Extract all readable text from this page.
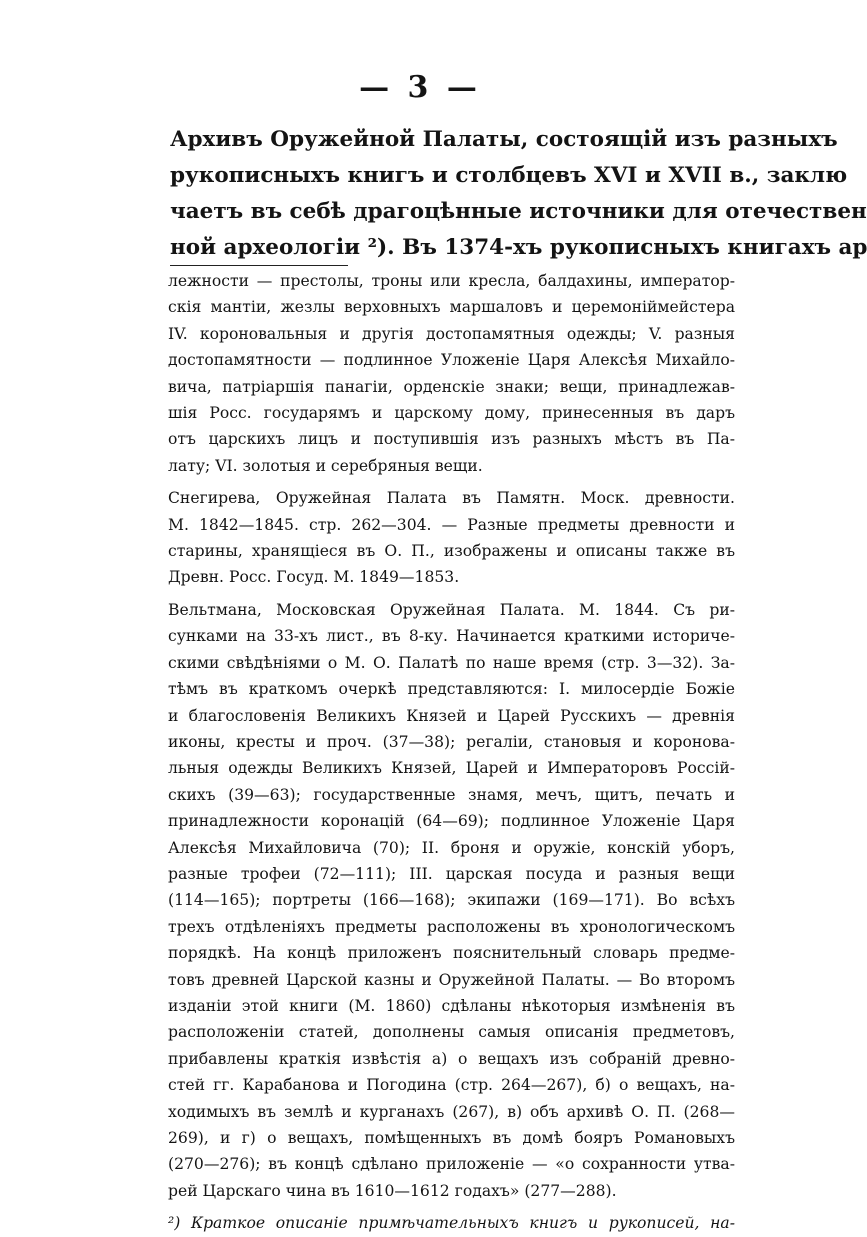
— 3 —
Архивъ Оружейной Палаты, состоящій изъ разныхъ
рукописныхъ книгъ и столбцевъ XVI и XVII в., заклю
чаетъ въ себѣ драгоцѣнные источники для отечествен
ной археологіи ²). Въ 1374-хъ рукописныхъ книгахъ ар
лежности — престолы, троны или кресла, балдахины, император-
скія мантіи, жезлы верховныхъ маршаловъ и церемоніймейстера
IV. короновальныя и другія достопамятныя одежды; V. разныя
достопамятности — подлинное Уложеніе Царя Алексѣя Михайло-
вича, патріаршія панагіи, орденскіе знаки; вещи, принадлежав-
шія Росс. государямъ и царскому дому, принесенныя въ даръ
отъ царскихъ лицъ и поступившія изъ разныхъ мѣстъ въ Па-
лату; VI. золотыя и серебряныя вещи.
Снегирева, Оружейная Палата въ Памятн. Моск. древности.
М. 1842—1845. стр. 262—304. — Разные предметы древности и
старины, хранящіеся въ О. П., изображены и описаны также въ
Древн. Росс. Госуд. М. 1849—1853.
Вельтмана, Московская Оружейная Палата. М. 1844. Съ ри-
сунками на 33-хъ лист., въ 8-ку. Начинается краткими историче-
скими свѣдѣніями о М. О. Палатѣ по наше время (стр. 3—32). За-
тѣмъ въ краткомъ очеркѣ представляются: I. милосердіе Божіе
и благословенія Великихъ Князей и Царей Русскихъ — древнія
иконы, кресты и проч. (37—38); регаліи, становыя и коронова-
льныя одежды Великихъ Князей, Царей и Императоровъ Россій-
скихъ (39—63); государственные знамя, мечъ, щитъ, печать и
принадлежности коронацій (64—69); подлинное Уложеніе Царя
Алексѣя Михайловича (70); II. броня и оружіе, конскій уборъ,
разные трофеи (72—111); III. царская посуда и разныя вещи
(114—165); портреты (166—168); экипажи (169—171). Во всѣхъ
трехъ отдѣленіяхъ предметы расположены въ хронологическомъ
порядкѣ. На концѣ приложенъ пояснительный словарь предме-
товъ древней Царской казны и Оружейной Палаты. — Во второмъ
изданіи этой книги (М. 1860) сдѣланы нѣкоторыя измѣненія въ
расположеніи статей, дополнены самыя описанія предметовъ,
прибавлены краткія извѣстія а) о вещахъ изъ собраній древно-
стей гг. Карабанова и Погодина (стр. 264—267), б) о вещахъ, на-
ходимыхъ въ землѣ и курганахъ (267), в) объ архивѣ О. П. (268—
269), и г) о вещахъ, помѣщенныхъ въ домѣ бояръ Романовыхъ
(270—276); въ концѣ сдѣлано приложеніе — «о сохранности утва-
рей Царскаго чина въ 1610—1612 годахъ» (277—288).
²) Краткое описаніе примѣчательныхъ книгъ и рукописей, на-
